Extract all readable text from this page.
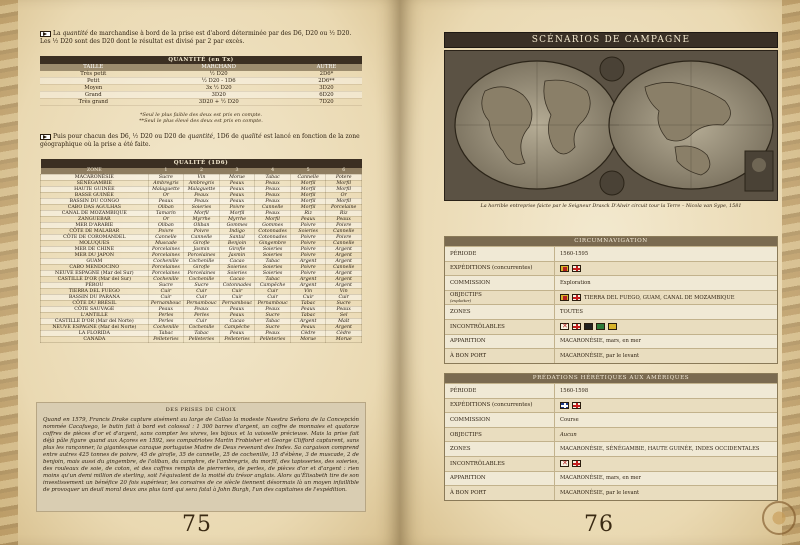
La quantité de marchandise à bord de la prise est d'abord déterminée par des D6, D20 ou ½ D20. Les ½ D20 sont des D20 dont le résultat est divisé par 2 par excès.
QUANTITÉ (en Tx)		
TAILLE	MARCHAND	AUTRE
Très petit	½ D20	2D6*
Petit	½ D20 - 1D6	2D6**
Moyen	3x ½ D20	3D20
Grand	3D20	6D20
Très grand	3D20 + ½ D20	7D20
*Seul le plus faible des deux est pris en compte.
**Seul le plus élevé des deux est pris en compte.
Puis pour chacun des D6, ½ D20 ou D20 de quantité, 1D6 de qualité est lancé en fonction de la zone géographique où la prise a été faite.
QUALITÉ (1D6)						
ZONE	1	2	3	4	5	6
MACARONÉSIE	Sucre	Vin	Morue	Tabac	Cannelle	Potere
SÉNÉGAMBIE	Ambregris	Ambregris	Peaux	Peaux	Morfil	Morfil
HAUTE GUINÉE	Malaguette	Malaguette	Peaux	Peaux	Morfil	Morfil
BASSE GUINÉE	Or	Peaux	Peaux	Peaux	Morfil	Or
BASSIN DU CONGO	Peaux	Peaux	Peaux	Peaux	Morfil	Morfil
CABO DAS AGULHAS	Oliban	Soieries	Poivre	Cannelle	Morfil	Porcelaine
CANAL DE MOZAMBIQUE	Tamarin	Morfil	Morfil	Peaux	Riz	Riz
ZANGUEBAR	Or	Myrrhe	Myrrhe	Morfil	Peaux	Peaux
MER D'ARABIE	Oliban	Oliban	Gommes	Gommes	Poivre	Poivre
CÔTE DE MALABAR	Poivre	Poivre	Indigo	Cotonnades	Soieries	Cannelle
CÔTE DE COROMANDEL	Cannelle	Cannelle	Santal	Cotonnades	Poivre	Poivre
MOLUQUES	Muscade	Girofle	Benjoin	Gingembre	Poivre	Cannelle
MER DE CHINE	Porcelaines	Jasmin	Girofle	Soieries	Poivre	Argent
MER DU JAPON	Porcelaines	Porcelaines	Jasmin	Soieries	Poivre	Argent
GUAM	Cochenille	Cochenille	Cacao	Tabac	Argent	Argent
CABO MENDOCINO	Porcelaines	Girofle	Soieries	Soieries	Poivre	Cannelle
NEUVE ESPAGNE (Mar del Sur)	Porcelaines	Porcelaines	Soieries	Soieries	Poivre	Argent
CASTILLE D'OR (Mar del Sur)	Cochenille	Cochenille	Cacao	Tabac	Argent	Argent
PÉROU	Sucre	Sucre	Cotonnades	Campêche	Argent	Argent
TIERRA DEL FUEGO	Cuir	Cuir	Cuir	Cuir	Vin	Vin
BASSIN DU PARANA	Cuir	Cuir	Cuir	Cuir	Cuir	Cuir
CÔTE DU BRÉSIL	Pernambouc	Pernambouc	Pernambouc	Pernambouc	Tabac	Sucre
CÔTE SAUVAGE	Peaux	Peaux	Peaux	Peaux	Peaux	Peaux
L'ANTILLE	Perles	Perles	Peaux	Sucre	Tabac	Sel
CASTILLE D'OR (Mar del Norte)	Perles	Cuir	Cacao	Tabac	Argent	Malt
NEUVE ESPAGNE (Mar del Norte)	Cochenille	Cochenille	Campêche	Sucre	Peaux	Argent
LA FLORIDA	Tabac	Tabac	Peaux	Peaux	Cèdre	Cèdre
CANADA	Pelleteries	Pelleteries	Pelleteries	Pelleteries	Morue	Morue
DES PRISES DE CHOIX
Quand en 1579, Francis Drake capture aisément au large de Callao la modeste Nuestra Señora de la Concepción nommée Cacafuego, le butin fait à bord est colossal : 1 300 barres d'argent, un coffre de monnaies et quatorze coffres de pièces d'or et d'argent, sans compter les vivres, les bijoux et la vaisselle précieuse. Mais la prise fait déjà pâle figure quand aux Açores en 1592, ses compatriotes Martin Frobisher et George Clifford capturent, sans plus les rançonner, la gigantesque caraque portugaise Madre de Deus revenant des Indes. Sa cargaison comprend entre autres 425 tonnes de poivre, 45 de girofle, 35 de cannelle, 25 de cochenille, 15 d'ébène, 3 de muscade, 2 de benjoin, mais aussi du gingembre, de l'oliban, du camphre, de l'ambregris, du morfil, des tapisseries, des soieries, des rouleaux de soie, de coton, et des coffres remplis de pierreries, de perles, de pièces d'or et d'argent : rien moins qu'un demi million de sterling, soit l'équivalent de la moitié du trésor anglais. Alors qu'Élisabeth tire de son investissement un bénéfice 20 fois supérieur, les corsaires de ce siècle tiennent désormais là un moyen infaillible de provoquer un deuil moral deux ans plus tard qui sera fatal à John Burgh, l'un des capitaines de l'expédition.
75
SCÉNARIOS DE CAMPAGNE
La horrible entreprise faicte par le Seigneur Drasck D'Alwir circuit tour la Terre – Nicola van Sype, 1581
CIRCUMNAVIGATION
PÉRIODE	1560-1595
EXPÉDITIONS (concurrentes)
COMMISSION	Exploration
OBJECTIFS
(exploiter)	TIERRA DEL FUEGO, GUAM, CANAL DE MOZAMBIQUE
ZONES	TOUTES
INCONTRÔLABLES
✕
APPARITION	MACARONÉSIE, mars, en mer
À BON PORT	MACARONÉSIE, par le levant
PRÉDATIONS HÉRÉTIQUES AUX AMÉRIQUES
PÉRIODE	1560-1598
EXPÉDITIONS (concurrentes)
COMMISSION	Course
OBJECTIFS	Aucun
ZONES	MACARONÉSIE, SÉNÉGAMBIE, HAUTE GUINÉE, INDES OCCIDENTALES
INCONTRÔLABLES
✕
APPARITION	MACARONÉSIE, mars, en mer
À BON PORT	MACARONÉSIE, par le levant
76
